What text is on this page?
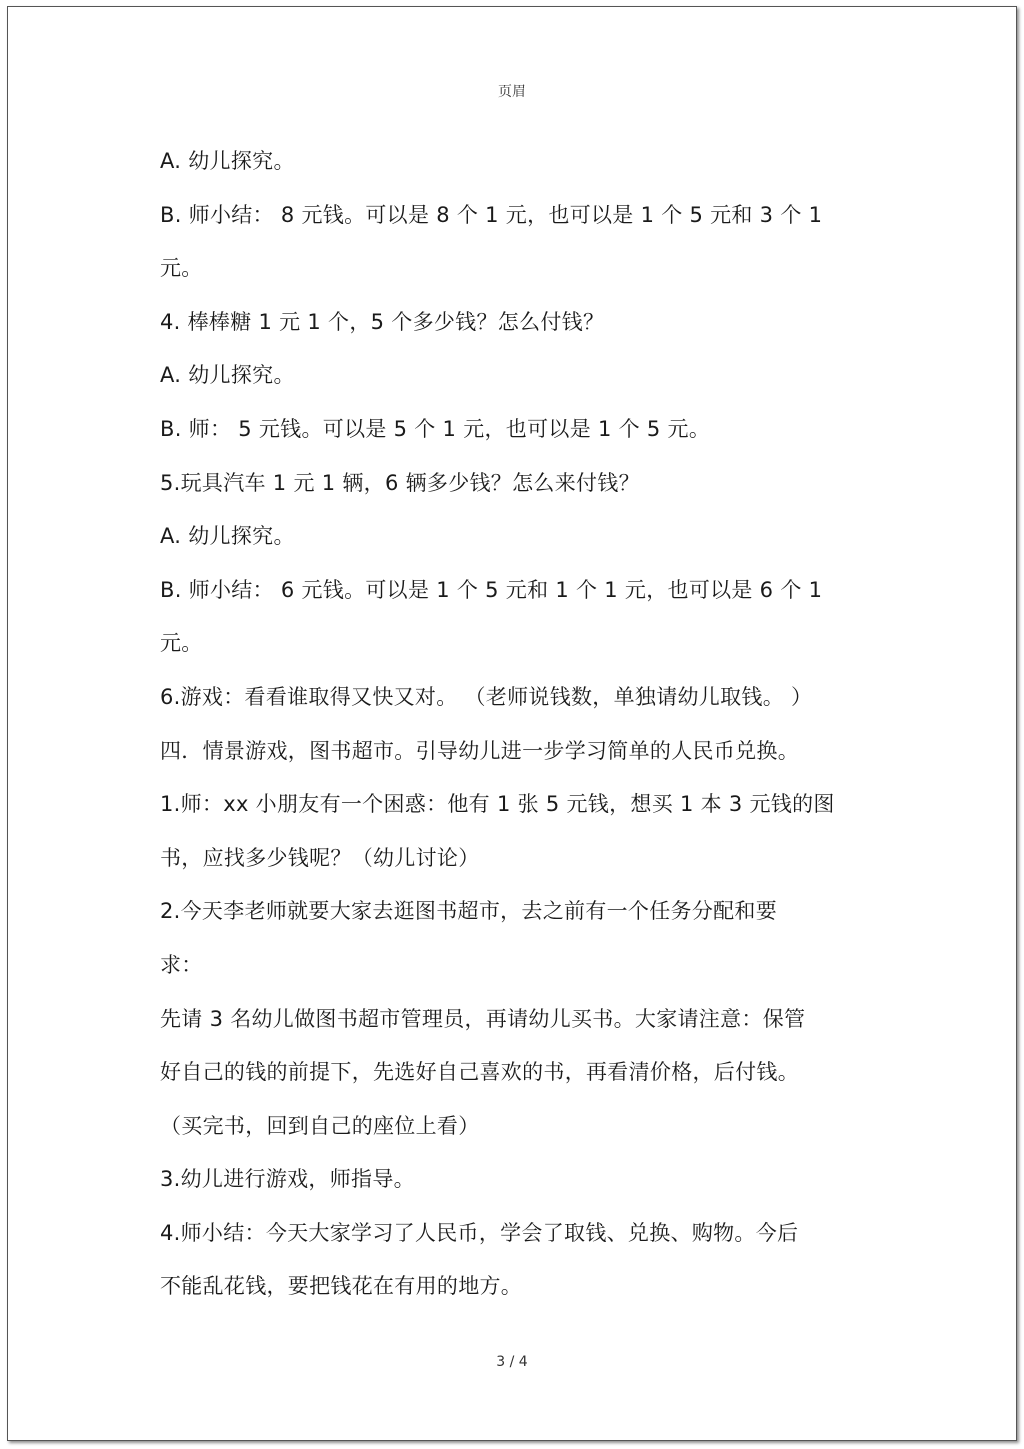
页眉
A. 幼儿探究。
B. 师小结： 8 元钱。可以是 8 个 1 元，也可以是 1 个 5 元和 3 个 1
元。
4. 棒棒糖 1 元 1 个，5 个多少钱？怎么付钱？
A. 幼儿探究。
B. 师： 5 元钱。可以是 5 个 1 元，也可以是 1 个 5 元。
5.玩具汽车 1 元 1 辆，6 辆多少钱？怎么来付钱？
A. 幼儿探究。
B. 师小结： 6 元钱。可以是 1 个 5 元和 1 个 1 元，也可以是 6 个 1
元。
6.游戏：看看谁取得又快又对。 （老师说钱数，单独请幼儿取钱。 ）
四．情景游戏，图书超市。引导幼儿进一步学习简单的人民币兑换。
1.师：xx 小朋友有一个困惑：他有 1 张 5 元钱，想买 1 本 3 元钱的图
书，应找多少钱呢？（幼儿讨论）
2.今天李老师就要大家去逛图书超市，去之前有一个任务分配和要
求：
先请 3 名幼儿做图书超市管理员，再请幼儿买书。大家请注意：保管
好自己的钱的前提下，先选好自己喜欢的书，再看清价格，后付钱。
（买完书，回到自己的座位上看）
3.幼儿进行游戏，师指导。
4.师小结：今天大家学习了人民币，学会了取钱、兑换、购物。今后
不能乱花钱，要把钱花在有用的地方。
3 / 4
